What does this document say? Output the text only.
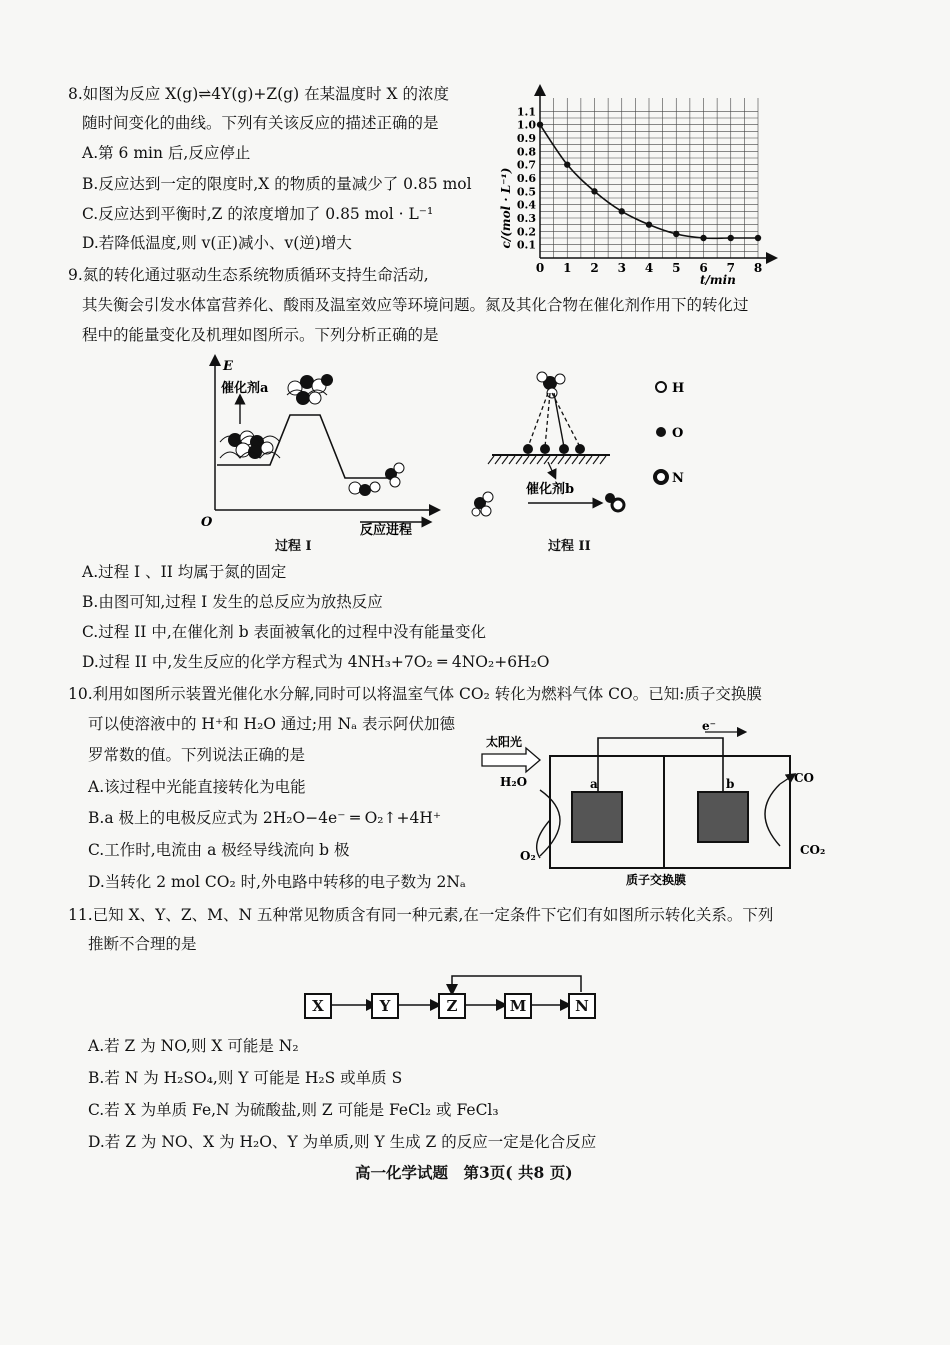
8.如图为反应 X(g)⇌4Y(g)+Z(g) 在某温度时 X 的浓度
随时间变化的曲线。下列有关该反应的描述正确的是
A.第 6 min 后,反应停止
B.反应达到一定的限度时,X 的物质的量减少了 0.85 mol
C.反应达到平衡时,Z 的浓度增加了 0.85 mol · L⁻¹
D.若降低温度,则 v(正)减小、v(逆)增大
0 1 2 3 4 5 6 7 8
0.1
0.2
0.3
0.4
0.5
0.6
0.7
0.8
0.9
1.0
1.1
c/(mol · L⁻¹)
t/min
9.氮的转化通过驱动生态系统物质循环支持生命活动,
其失衡会引发水体富营养化、酸雨及温室效应等环境问题。氮及其化合物在催化剂作用下的转化过
程中的能量变化及机理如图所示。下列分析正确的是
E
O
催化剂a
反应进程
过程 I
催化剂b
过程 II
H
O
N
A.过程 I 、II 均属于氮的固定
B.由图可知,过程 I 发生的总反应为放热反应
C.过程 II 中,在催化剂 b 表面被氧化的过程中没有能量变化
D.过程 II 中,发生反应的化学方程式为 4NH₃+7O₂ ═ 4NO₂+6H₂O
10.利用如图所示装置光催化水分解,同时可以将温室气体 CO₂ 转化为燃料气体 CO。已知:质子交换膜
可以使溶液中的 H⁺和 H₂O 通过;用 Nₐ 表示阿伏加德
罗常数的值。下列说法正确的是
A.该过程中光能直接转化为电能
B.a 极上的电极反应式为 2H₂O−4e⁻ ═ O₂↑+4H⁺
C.工作时,电流由 a 极经导线流向 b 极
D.当转化 2 mol CO₂ 时,外电路中转移的电子数为 2Nₐ
e⁻
a	b
太阳光
H₂O
O₂
CO
CO₂
质子交换膜
11.已知 X、Y、Z、M、N 五种常见物质含有同一种元素,在一定条件下它们有如图所示转化关系。下列
推断不合理的是
X	Y	Z	M	N
A.若 Z 为 NO,则 X 可能是 N₂
B.若 N 为 H₂SO₄,则 Y 可能是 H₂S 或单质 S
C.若 X 为单质 Fe,N 为硫酸盐,则 Z 可能是 FeCl₂ 或 FeCl₃
D.若 Z 为 NO、X 为 H₂O、Y 为单质,则 Y 生成 Z 的反应一定是化合反应
高一化学试题　第3页( 共8 页)
